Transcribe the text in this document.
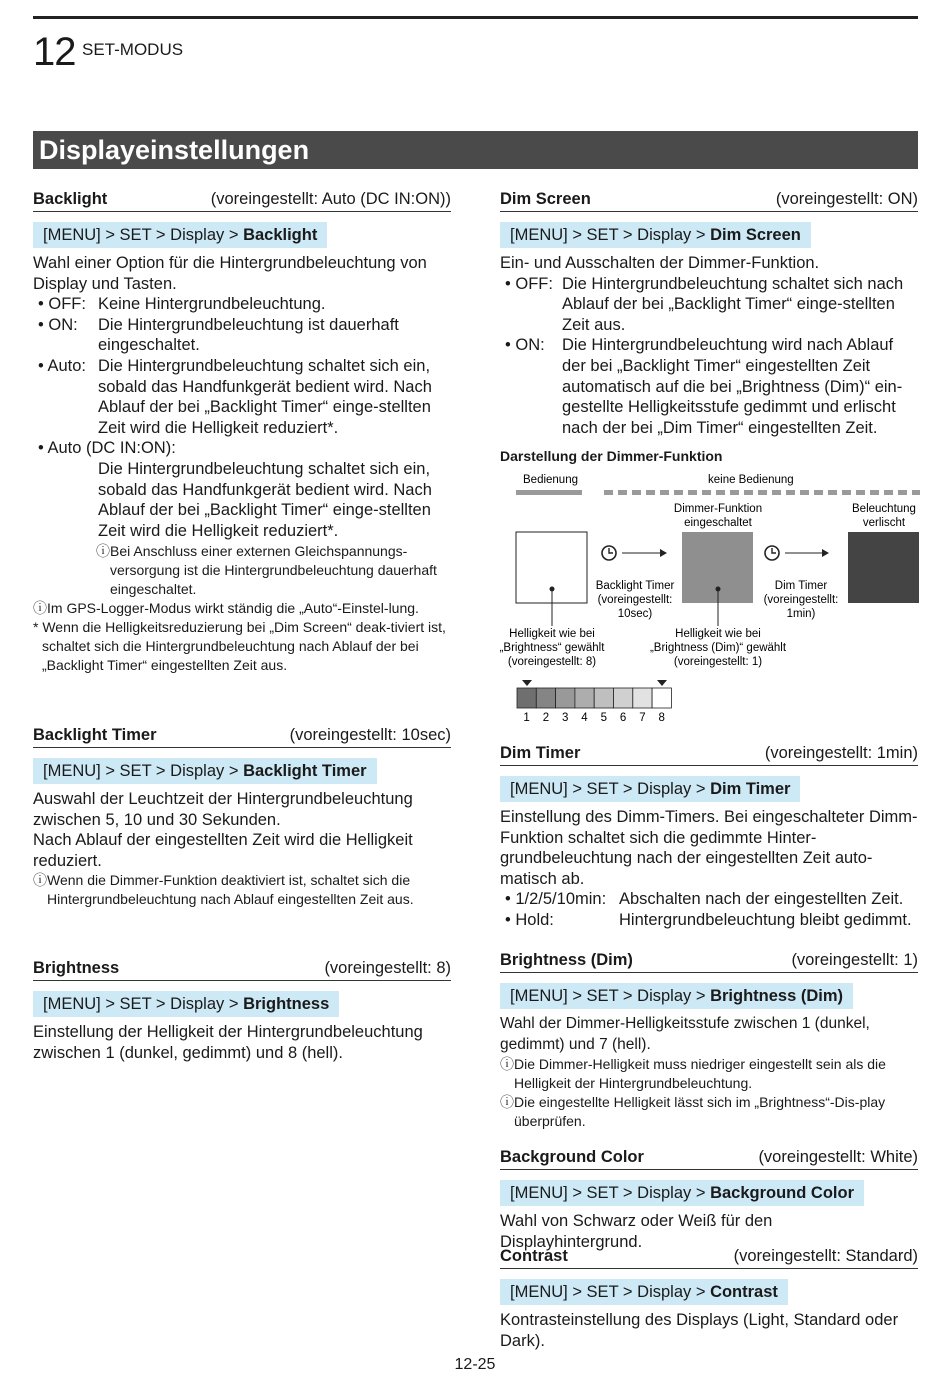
12 SET-MODUS
Displayeinstellungen
Backlight	(voreingestellt: Auto (DC IN:ON))
[MENU] > SET > Display > Backlight
Wahl einer Option für die Hintergrundbeleuchtung von Display und Tasten.
• OFF: Keine Hintergrundbeleuchtung.
• ON:	Die Hintergrundbeleuchtung ist dauerhaft eingeschaltet.
• Auto: Die Hintergrundbeleuchtung schaltet sich ein, sobald das Handfunkgerät bedient wird. Nach Ablauf der bei „Backlight Timer“ einge-stellten Zeit wird die Helligkeit reduziert*.
• Auto (DC IN:ON):
Die Hintergrundbeleuchtung schaltet sich ein, sobald das Handfunkgerät bedient wird. Nach Ablauf der bei „Backlight Timer“ einge-stellten Zeit wird die Helligkeit reduziert*.
ⓘ Bei Anschluss einer externen Gleichspannungs-versorgung ist die Hintergrundbeleuchtung dauerhaft eingeschaltet.
ⓘ Im GPS-Logger-Modus wirkt ständig die „Auto“-Einstel-lung.
* Wenn die Helligkeitsreduzierung bei „Dim Screen“ deak-tiviert ist, schaltet sich die Hintergrundbeleuchtung nach Ablauf der bei „Backlight Timer“ eingestellten Zeit aus.
Backlight Timer	(voreingestellt: 10sec)
[MENU] > SET > Display > Backlight Timer
Auswahl der Leuchtzeit der Hintergrundbeleuchtung zwischen 5, 10 und 30 Sekunden.
Nach Ablauf der eingestellten Zeit wird die Helligkeit reduziert.
ⓘ Wenn die Dimmer-Funktion deaktiviert ist, schaltet sich die Hintergrundbeleuchtung nach Ablauf eingestellten Zeit aus.
Brightness	(voreingestellt: 8)
[MENU] > SET > Display > Brightness
Einstellung der Helligkeit der Hintergrundbeleuchtung zwischen 1 (dunkel, gedimmt) und 8 (hell).
Dim Screen	(voreingestellt: ON)
[MENU] > SET > Display > Dim Screen
Ein- und Ausschalten der Dimmer-Funktion.
• OFF: Die Hintergrundbeleuchtung schaltet sich nach Ablauf der bei „Backlight Timer“ einge-stellten Zeit aus.
• ON:	Die Hintergrundbeleuchtung wird nach Ablauf der bei „Backlight Timer“ eingestellten Zeit automatisch auf die bei „Brightness (Dim)“ ein-gestellte Helligkeitsstufe gedimmt und erlischt nach der bei „Dim Timer“ eingestellten Zeit.
Darstellung der Dimmer-Funktion
Bedienung	keine Bedienung
Dimmer-Funktion
eingeschaltet
Beleuchtung
verlischt
Backlight Timer
(voreingestellt:
10sec)
Dim Timer
(voreingestellt:
1min)
Helligkeit wie bei
„Brightness“ gewählt
(voreingestellt: 8)
Helligkeit wie bei
„Brightness (Dim)“ gewählt
(voreingestellt: 1)
1 2 3 4 5 6 7 8
Dim Timer	(voreingestellt: 1min)
[MENU] > SET > Display > Dim Timer
Einstellung des Dimm-Timers. Bei eingeschalteter Dimm-Funktion schaltet sich die gedimmte Hinter-grundbeleuchtung nach der eingestellten Zeit auto-matisch ab.
• 1/2/5/10min: Abschalten nach der eingestellten Zeit.
• Hold:	Hintergrundbeleuchtung bleibt gedimmt.
Brightness (Dim)	(voreingestellt: 1)
[MENU] > SET > Display > Brightness (Dim)
Wahl der Dimmer-Helligkeitsstufe zwischen 1 (dunkel, gedimmt) und 7 (hell).
ⓘ Die Dimmer-Helligkeit muss niedriger eingestellt sein als die Helligkeit der Hintergrundbeleuchtung.
ⓘ Die eingestellte Helligkeit lässt sich im „Brightness“-Dis-play überprüfen.
Background Color	(voreingestellt: White)
[MENU] > SET > Display > Background Color
Wahl von Schwarz oder Weiß für den Displayhintergrund.
Contrast	(voreingestellt: Standard)
[MENU] > SET > Display > Contrast
Kontrasteinstellung des Displays (Light, Standard oder Dark).
12-25
